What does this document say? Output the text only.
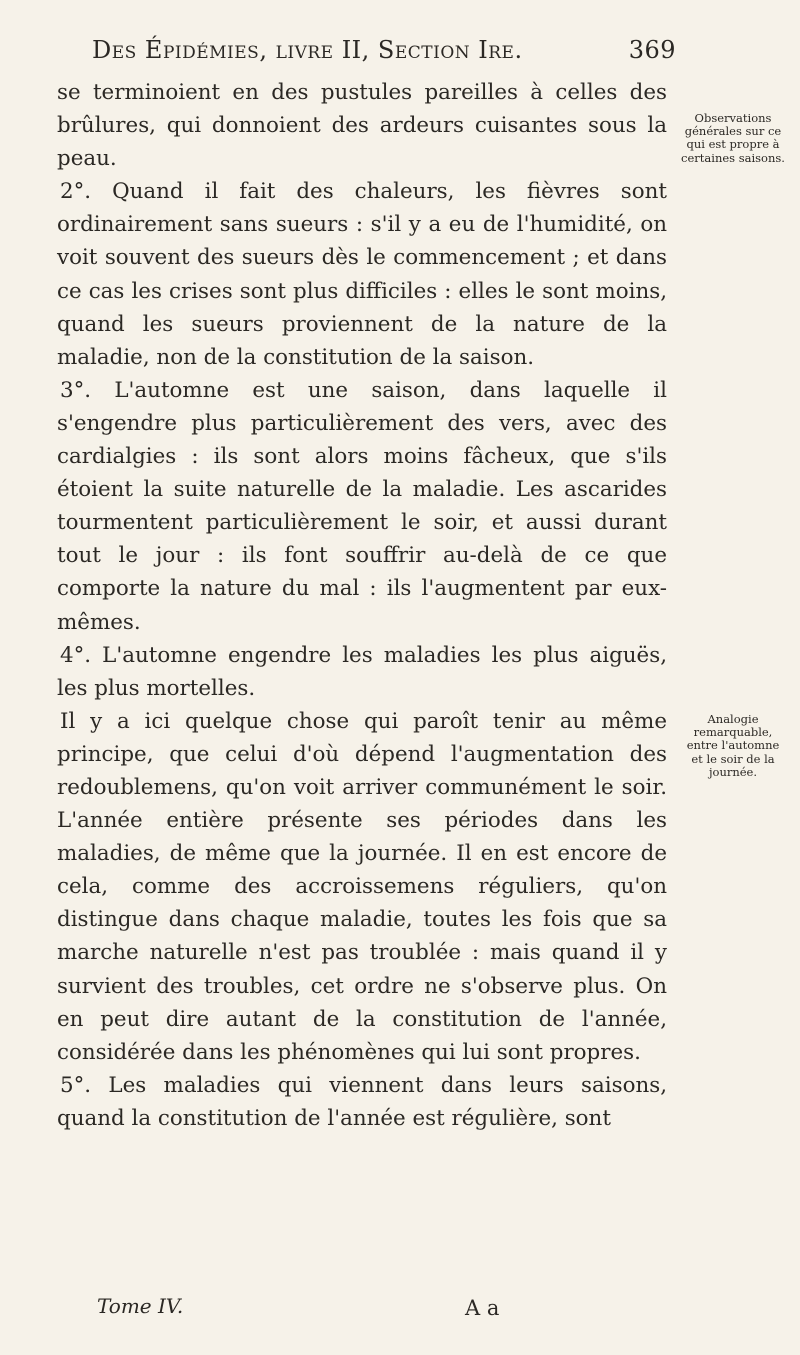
Des Épidémies, livre II, Section Ire.	369

se terminoient en des pustules pareilles à celles des brûlures, qui donnoient des ardeurs cuisantes sous la peau.

2°. Quand il fait des chaleurs, les fièvres sont ordinairement sans sueurs : s'il y a eu de l'humidité, on voit souvent des sueurs dès le commencement ; et dans ce cas les crises sont plus difficiles : elles le sont moins, quand les sueurs proviennent de la nature de la maladie, non de la constitution de la saison.

3°. L'automne est une saison, dans laquelle il s'engendre plus particulièrement des vers, avec des cardialgies : ils sont alors moins fâcheux, que s'ils étoient la suite naturelle de la maladie. Les ascarides tourmentent particulièrement le soir, et aussi durant tout le jour : ils font souffrir au-delà de ce que comporte la nature du mal : ils l'augmentent par eux-mêmes.

4°. L'automne engendre les maladies les plus aiguës, les plus mortelles.

Il y a ici quelque chose qui paroît tenir au même principe, que celui d'où dépend l'augmentation des redoublemens, qu'on voit arriver communément le soir. L'année entière présente ses périodes dans les maladies, de même que la journée. Il en est encore de cela, comme des accroissemens réguliers, qu'on distingue dans chaque maladie, toutes les fois que sa marche naturelle n'est pas troublée : mais quand il y survient des troubles, cet ordre ne s'observe plus. On en peut dire autant de la constitution de l'année, considérée dans les phénomènes qui lui sont propres.

5°. Les maladies qui viennent dans leurs saisons, quand la constitution de l'année est régulière, sont

Observations générales sur ce qui est propre à certaines saisons.
Analogie remarquable, entre l'automne et le soir de la journée.
Tome IV.	A a
